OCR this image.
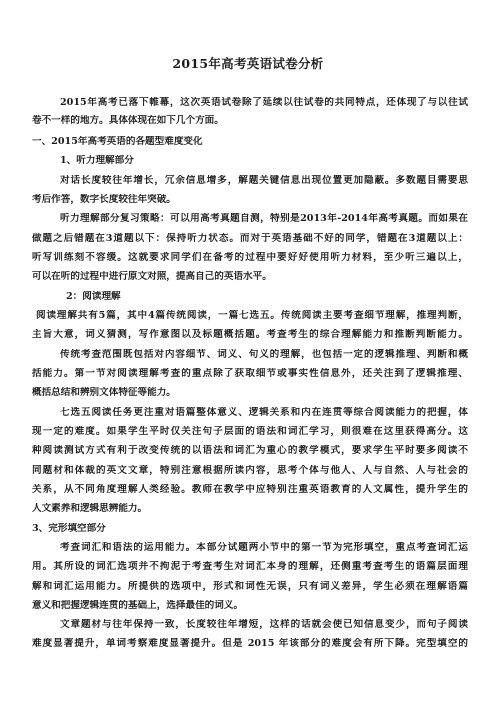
2015年高考英语试卷分析
2015年高考已落下帷幕，这次英语试卷除了延续以往试卷的共同特点，还体现了与以往试
卷不一样的地方。具体体现在如下几个方面。
一、2015年高考英语的各题型难度变化
1、听力理解部分
对话长度较往年增长，冗余信息增多，解题关键信息出现位置更加隐蔽。多数题目需要思
考后作答，数字长度较往年突破。
听力理解部分复习策略：可以用高考真题自测，特别是2013年-2014年高考真题。而如果在
做题之后错题在3道题以下：保持听力状态。而对于英语基础不好的同学，错题在3道题以上：
听写训练刻不容缓。这就要求同学们在备考的过程中要好好使用听力材料，至少听三遍以上，
可以在听的过程中进行原文对照，提高自己的英语水平。
2：阅读理解
阅读理解共有5篇，其中4篇传统阅读，一篇七选五。传统阅读主要考查细节理解，推理判断，
主旨大意，词义猜测，写作意图以及标题概括题。考查考生的综合理解能力和推断判断能力。
传统考查范围既包括对内容细节、词义、句义的理解，也包括一定的逻辑推理、判断和概
括能力。第一节对阅读理解考查的重点除了获取细节或事实性信息外，还关注到了逻辑推理、
概括总结和辨别文体特征等能力。
七选五阅读任务更注重对语篇整体意义、逻辑关系和内在连贯等综合阅读能力的把握，体
现一定的难度。如果学生平时仅关注句子层面的语法和词汇学习，则很难在这里获得高分。这
种阅读测试方式有利于改变传统的以语法和词汇为重心的教学模式，要求学生平时要多阅读不
同题材和体裁的英文文章，特别注意根据所读内容，思考个体与他人、人与自然、人与社会的
关系，从不同角度理解人类经验。教师在教学中应特别注重英语教育的人文属性，提升学生的
人文素养和逻辑思辨能力。
3、完形填空部分
考查词汇和语法的运用能力。本部分试题两小节中的第一节为完形填空，重点考查词汇运
用。其所设的词汇选项并不拘泥于考查考生对词汇本身的理解，还侧重考查考生的语篇层面理
解和词汇运用能力。所提供的选项中，形式和词性无误，只有词义差异，学生必须在理解语篇
意义和把握逻辑连贯的基础上，选择最佳的词义。
文章题材与往年保持一致，长度较往年增短，这样的话就会使已知信息变少，而句子阅读
难度显著提升，单词考察难度显著提升。但是 2015 年该部分的难度会有所下降。完型填空的
